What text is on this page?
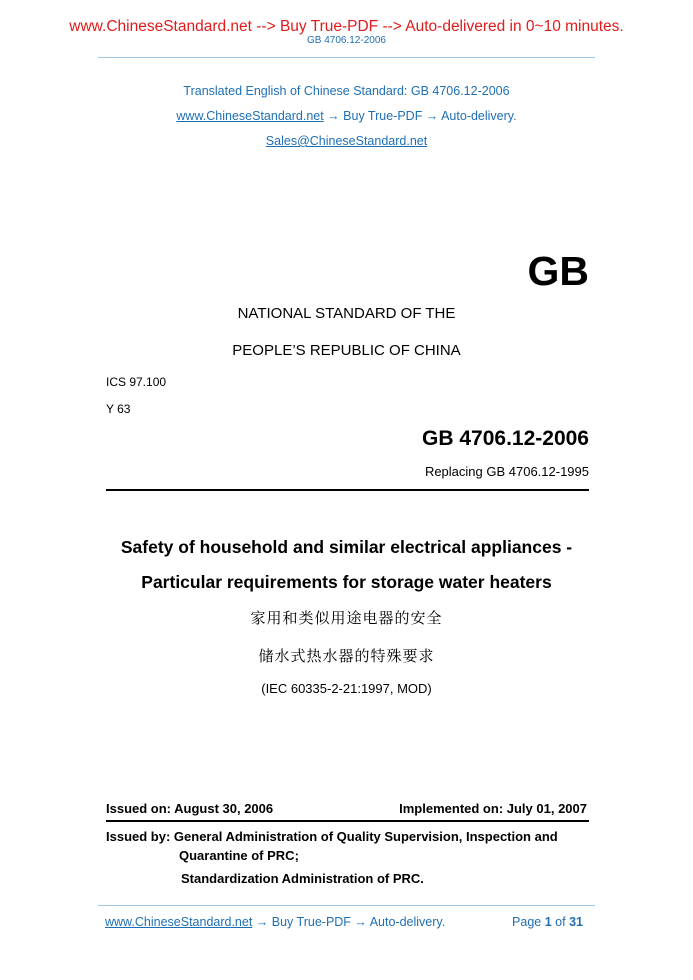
www.ChineseStandard.net --> Buy True-PDF --> Auto-delivered in 0~10 minutes.
GB 4706.12-2006
Translated English of Chinese Standard: GB 4706.12-2006
www.ChineseStandard.net → Buy True-PDF → Auto-delivery.
Sales@ChineseStandard.net
GB
NATIONAL STANDARD OF THE
PEOPLE’S REPUBLIC OF CHINA
ICS 97.100
Y 63
GB 4706.12-2006
Replacing GB 4706.12-1995
Safety of household and similar electrical appliances -
Particular requirements for storage water heaters
家用和类似用途电器的安全
储水式热水器的特殊要求
(IEC 60335-2-21:1997, MOD)
Issued on: August 30, 2006	Implemented on: July 01, 2007
Issued by: General Administration of Quality Supervision, Inspection and
Quarantine of PRC;
Standardization Administration of PRC.
www.ChineseStandard.net → Buy True-PDF → Auto-delivery.	Page 1 of 31
